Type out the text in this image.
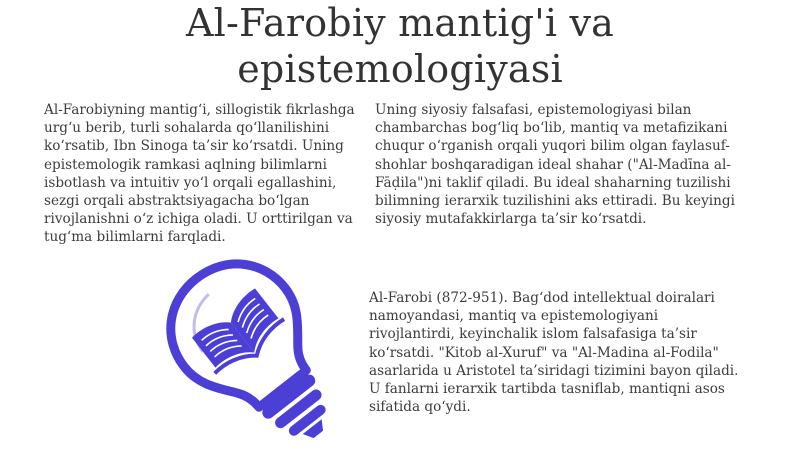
Al-Farobiy mantig'i va
epistemologiyasi

Al-Farobiyning mantig‘i, sillogistik fikrlashga urg‘u berib, turli sohalarda qo‘llanilishini ko‘rsatib, Ibn Sinoga ta’sir ko‘rsatdi. Uning epistemologik ramkasi aqlning bilimlarni isbotlash va intuitiv yo‘l orqali egallashini, sezgi orqali abstraktsiyagacha bo‘lgan rivojlanishni o‘z ichiga oladi. U orttirilgan va tug‘ma bilimlarni farqladi.

Uning siyosiy falsafasi, epistemologiyasi bilan chambarchas bog‘liq bo‘lib, mantiq va metafizikani chuqur o‘rganish orqali yuqori bilim olgan faylasuf-shohlar boshqaradigan ideal shahar ("Al-Madīna al-Fāḍila")ni taklif qiladi. Bu ideal shaharning tuzilishi bilimning ierarxik tuzilishini aks ettiradi. Bu keyingi siyosiy mutafakkirlarga ta’sir ko‘rsatdi.

Al-Farobi (872-951). Bag‘dod intellektual doiralari namoyandasi, mantiq va epistemologiyani rivojlantirdi, keyinchalik islom falsafasiga ta’sir ko‘rsatdi. "Kitob al-Xuruf" va "Al-Madina al-Fodila" asarlarida u Aristotel ta’siridagi tizimini bayon qiladi. U fanlarni ierarxik tartibda tasniflab, mantiqni asos sifatida qo‘ydi.
